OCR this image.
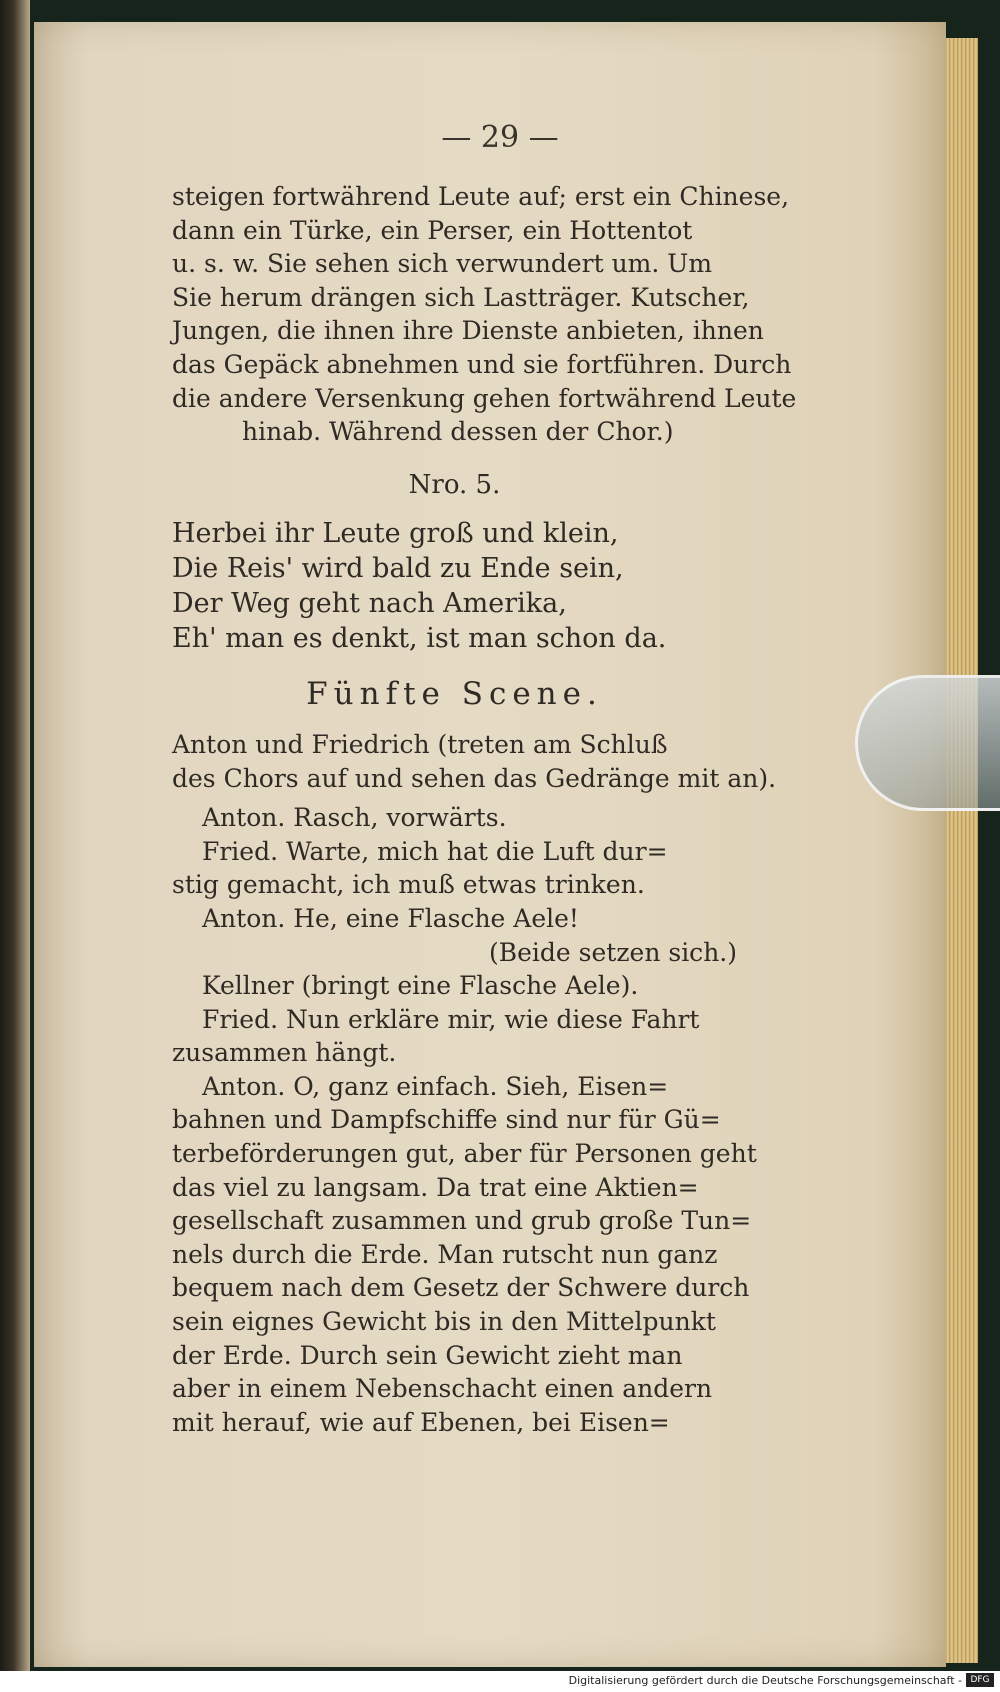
— 29 —
steigen fortwährend Leute auf; erst ein Chinese,
dann ein Türke, ein Perser, ein Hottentot
u. s. w. Sie sehen sich verwundert um. Um
Sie herum drängen sich Lastträger. Kutscher,
Jungen, die ihnen ihre Dienste anbieten, ihnen
das Gepäck abnehmen und sie fortführen. Durch
die andere Versenkung gehen fortwährend Leute
hinab. Während dessen der Chor.)
Nro. 5.
Herbei ihr Leute groß und klein,
Die Reis' wird bald zu Ende sein,
Der Weg geht nach Amerika,
Eh' man es denkt, ist man schon da.
Fünfte Scene.
Anton und Friedrich (treten am Schluß
des Chors auf und sehen das Gedränge mit an).
Anton. Rasch, vorwärts.
Fried. Warte, mich hat die Luft dur=
stig gemacht, ich muß etwas trinken.
Anton. He, eine Flasche Aele!
(Beide setzen sich.)
Kellner (bringt eine Flasche Aele).
Fried. Nun erkläre mir, wie diese Fahrt
zusammen hängt.
Anton. O, ganz einfach. Sieh, Eisen=
bahnen und Dampfschiffe sind nur für Gü=
terbeförderungen gut, aber für Personen geht
das viel zu langsam. Da trat eine Aktien=
gesellschaft zusammen und grub große Tun=
nels durch die Erde. Man rutscht nun ganz
bequem nach dem Gesetz der Schwere durch
sein eignes Gewicht bis in den Mittelpunkt
der Erde. Durch sein Gewicht zieht man
aber in einem Nebenschacht einen andern
mit herauf, wie auf Ebenen, bei Eisen=
Digitalisierung gefördert durch die Deutsche Forschungsgemeinschaft - DFG
